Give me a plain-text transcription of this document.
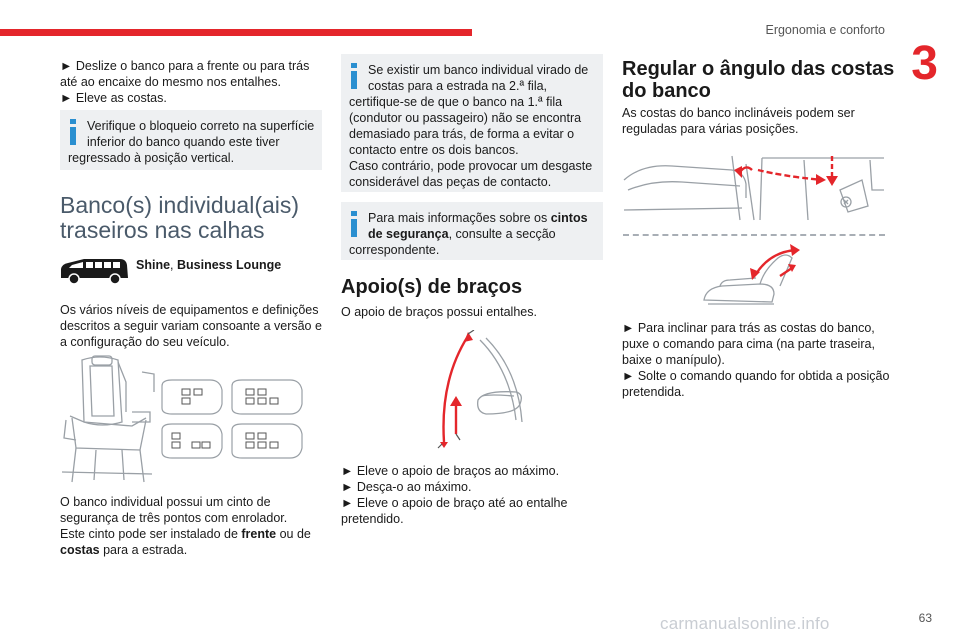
Ergonomia e conforto
3
► Deslize o banco para a frente ou para trás
até ao encaixe do mesmo nos entalhes.
► Eleve as costas.
Verifique o bloqueio correto na superfície
inferior do banco quando este tiver
regressado à posição vertical.
Banco(s) individual(ais)
traseiros nas calhas
Shine, Business Lounge
Os vários níveis de equipamentos e definições
descritos a seguir variam consoante a versão e
a configuração do seu veículo.
O banco individual possui um cinto de
segurança de três pontos com enrolador.
Este cinto pode ser instalado de frente ou de
costas para a estrada.
Se existir um banco individual virado de
costas para a estrada na 2.ª fila,
certifique-se de que o banco na 1.ª fila
(condutor ou passageiro) não se encontra
demasiado para trás, de forma a evitar o
contacto entre os dois bancos.
Caso contrário, pode provocar um desgaste
considerável das peças de contacto.
Para mais informações sobre os cintos
de segurança, consulte a secção
correspondente.
Apoio(s) de braços
O apoio de braços possui entalhes.
► Eleve o apoio de braços ao máximo.
► Desça-o ao máximo.
► Eleve o apoio de braço até ao entalhe
pretendido.
Regular o ângulo das costas
do banco
As costas do banco inclináveis podem ser
reguladas para várias posições.
► Para inclinar para trás as costas do banco,
puxe o comando para cima (na parte traseira,
baixe o manípulo).
► Solte o comando quando for obtida a posição
pretendida.
carmanualsonline.info	63
